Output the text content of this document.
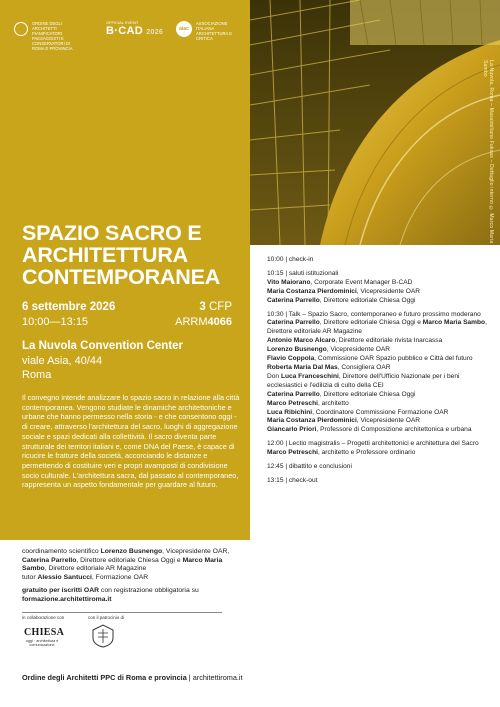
La Nuvola, Roma – Massimiliano Fuksas – Dettaglio interno © Marco Maria Sambo
ORDINE DEGLI ARCHITETTI PIANIFICATORI PAESAGGISTI E CONSERVATORI DI ROMA E PROVINCIA
OFFICIAL EVENT
B·CAD 2026	aiac
ASSOCIAZIONE ITALIANA ARCHITETTURA E CRITICA
SPAZIO SACRO E ARCHITETTURA CONTEMPORANEA
6 settembre 2026
10:00—13:15
3 CFP
ARRM4066
La Nuvola Convention Center
viale Asia, 40/44
Roma

Il convegno intende analizzare lo spazio sacro in relazione alla città contemporanea. Vengono studiate le dinamiche architettoniche e urbane che hanno permesso nella storia - e che consentono oggi - di creare, attraverso l'architettura del sacro, luoghi di aggregazione sociale e spazi dedicati alla collettività. Il sacro diventa parte strutturale dei territori italiani e, come DNA del Paese, è capace di ricucire le fratture della società, accorciando le distanze e permettendo di costituire veri e propri avamposti di condivisione socio culturale. L'architettura sacra, dal passato al contemporaneo, rappresenta un aspetto fondamentale per guardare al futuro.

10:00 | check-in
10:15 | saluti istituzionali
Vito Maiorano, Corporate Event Manager B-CAD
Maria Costanza Pierdominici, Vicepresidente OAR
Caterina Parrello, Direttore editoriale Chiesa Oggi
10:30 | Talk – Spazio Sacro, contemporaneo e futuro prossimo moderano Caterina Parrello, Direttore editoriale Chiesa Oggi e Marco Maria Sambo, Direttore editoriale AR Magazine
Antonio Marco Alcaro, Direttore editoriale rivista Inarcassa
Lorenzo Busnengo, Vicepresidente OAR
Flavio Coppola, Commissione OAR Spazio pubblico e Città del futuro
Roberta Maria Dal Mas, Consigliera OAR
Don Luca Franceschini, Direttore dell'Ufficio Nazionale per i beni ecclesiastici e l'edilizia di culto della CEI
Caterina Parrello, Direttore editoriale Chiesa Oggi
Marco Petreschi, architetto
Luca Ribichini, Coordinatore Commissione Formazione OAR
Maria Costanza Pierdominici, Vicepresidente OAR
Giancarlo Priori, Professore di Composizione architettonica e urbana
12:00 | Lectio magistralis – Progetti architettonici e architettura del Sacro
Marco Petreschi, architetto e Professore ordinario
12:45 | dibattito e conclusioni
13:15 | check-out
coordinamento scientifico Lorenzo Busnengo, Vicepresidente OAR, Caterina Parrello, Direttore editoriale Chiesa Oggi e Marco Maria Sambo, Direttore editoriale AR Magazine
tutor Alessio Santucci, Formazione OAR
gratuito per iscritti OAR con registrazione obbligatoria su
formazione.architettiroma.it
in collaborazione con	con il patrocinio di
CHIESA
oggi · architettura e comunicazione
Ordine degli Architetti PPC di Roma e provincia | architettiroma.it
